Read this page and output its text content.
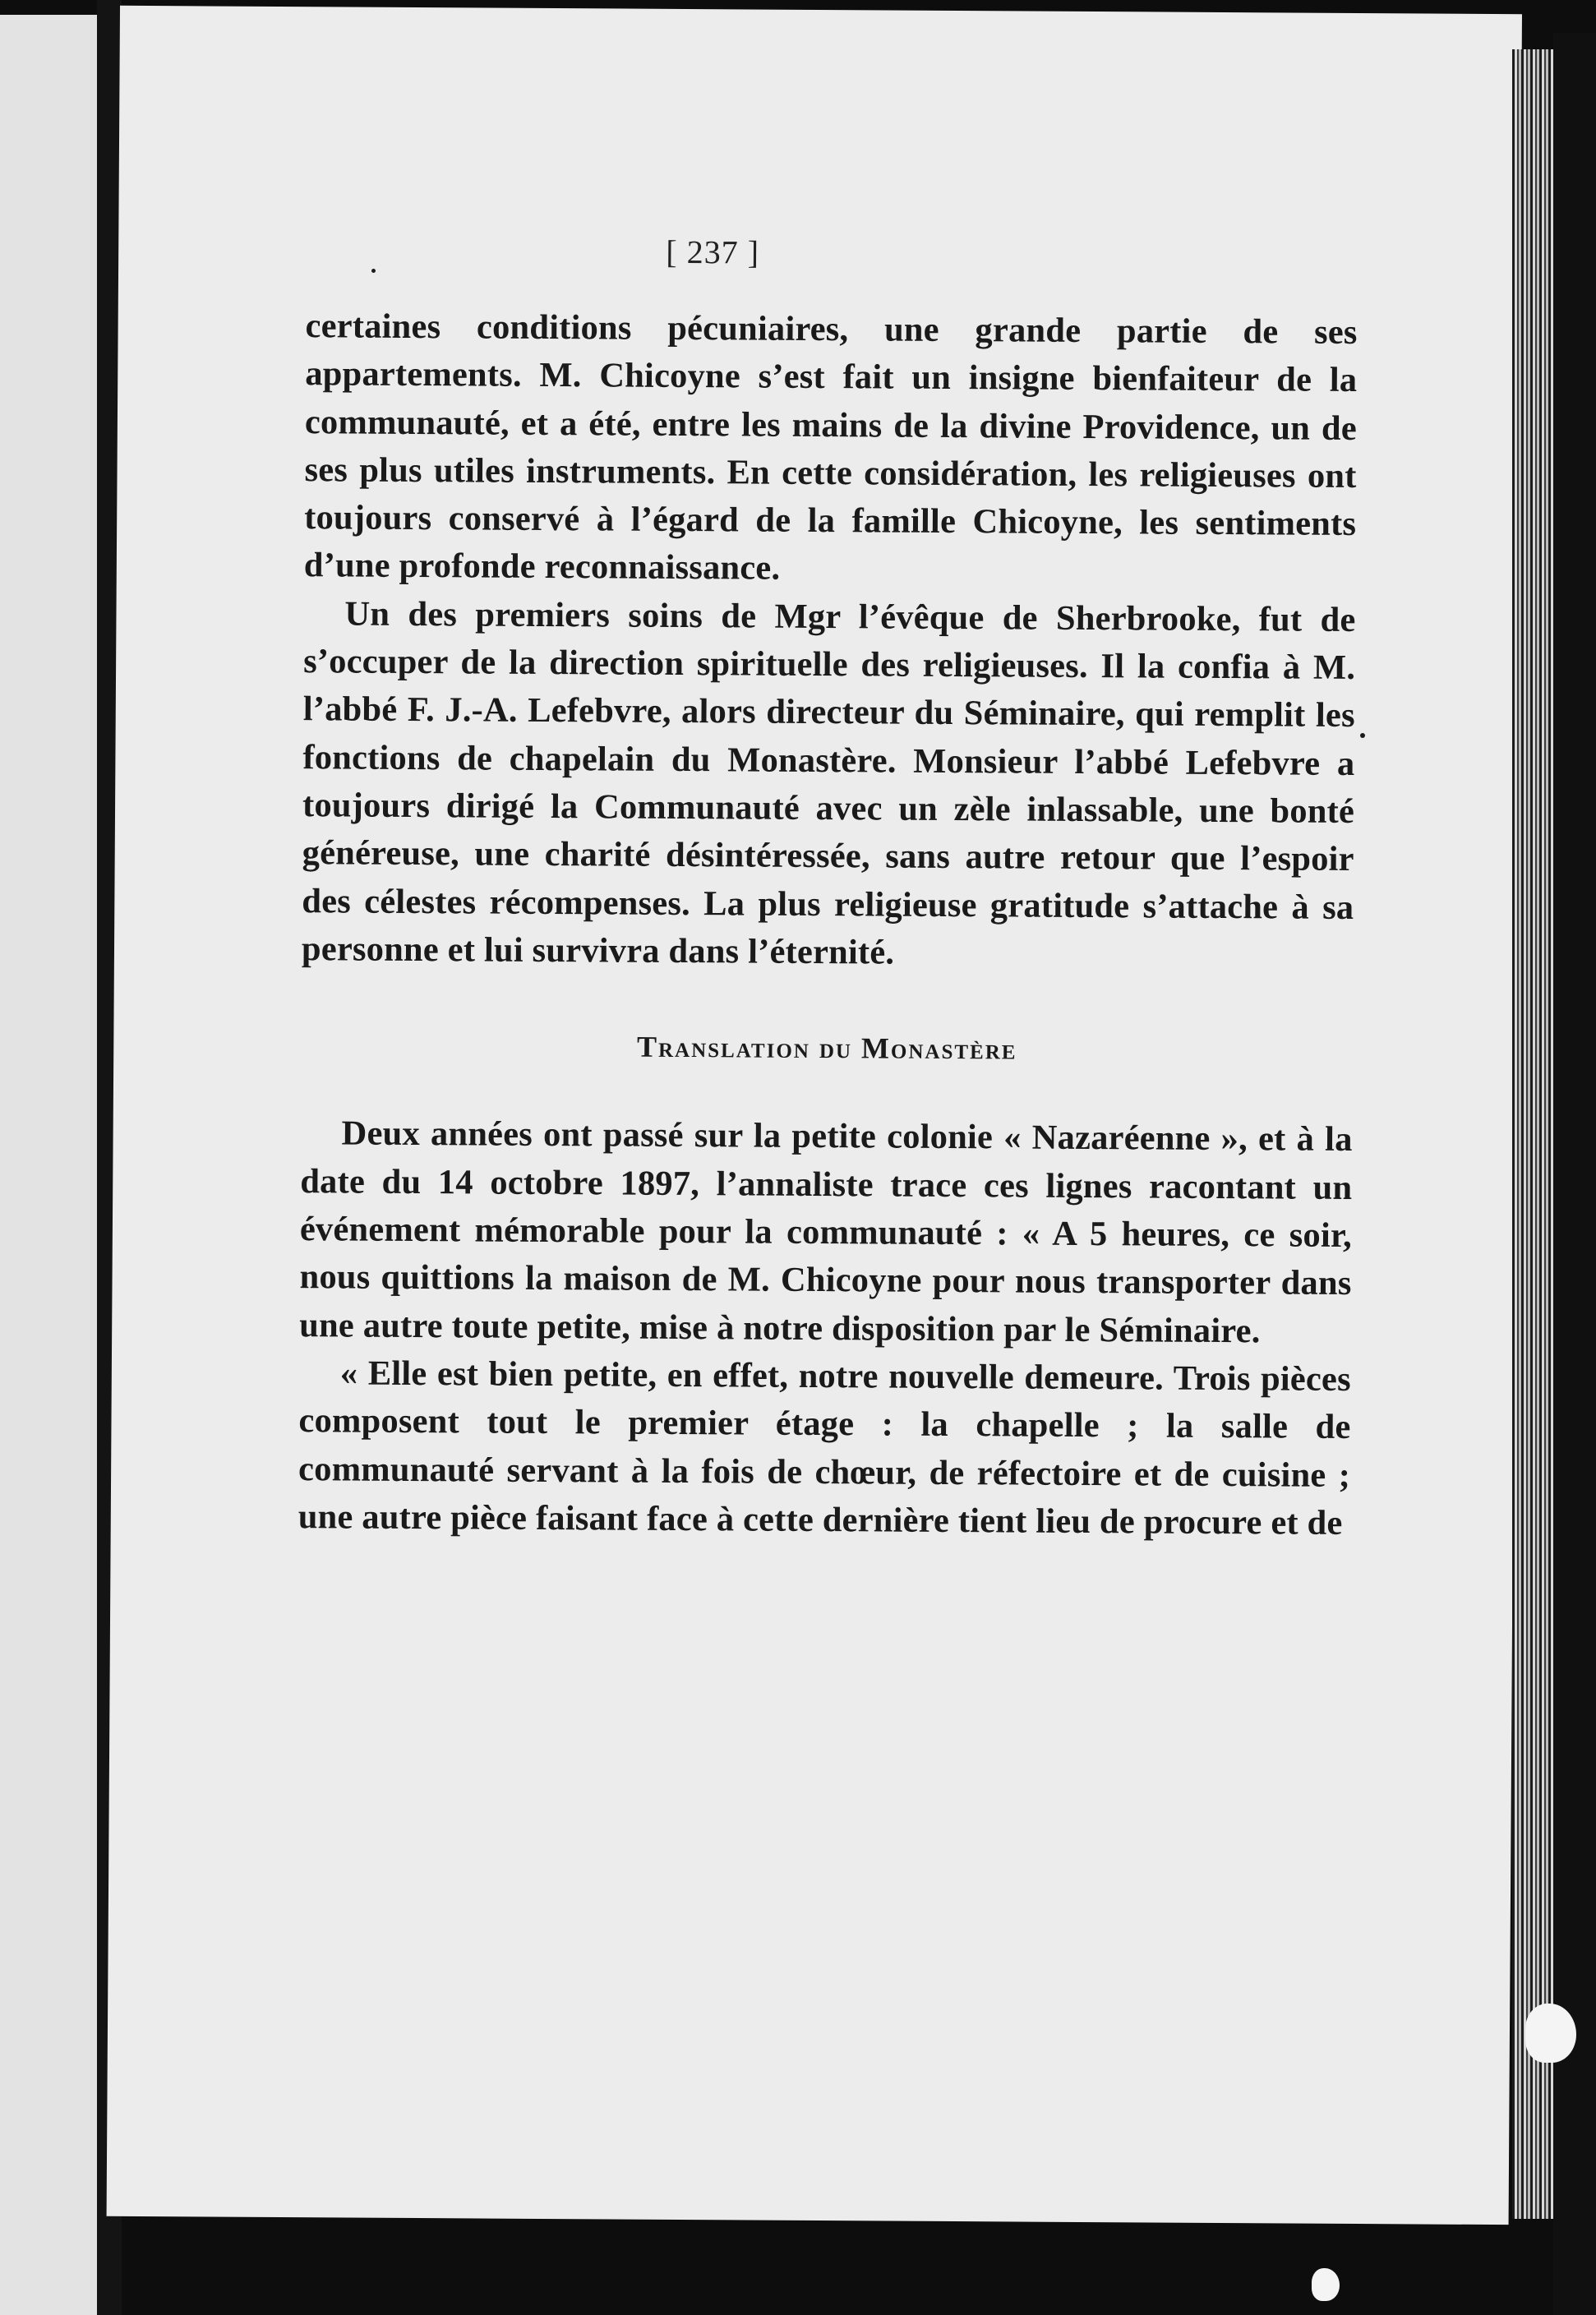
[ 237 ]

certaines conditions pécuniaires, une grande partie de ses appartements. M. Chicoyne s’est fait un insigne bienfaiteur de la communauté, et a été, entre les mains de la divine Providence, un de ses plus utiles instruments. En cette considération, les religieuses ont toujours conservé à l’égard de la famille Chicoyne, les sentiments d’une profonde reconnaissance.

Un des premiers soins de Mgr l’évêque de Sherbrooke, fut de s’occuper de la direction spirituelle des religieuses. Il la confia à M. l’abbé F. J.-A. Lefebvre, alors directeur du Séminaire, qui remplit les fonctions de chapelain du Monastère. Monsieur l’abbé Lefebvre a toujours dirigé la Communauté avec un zèle inlassable, une bonté généreuse, une charité désintéressée, sans autre retour que l’espoir des célestes récompenses. La plus religieuse gratitude s’attache à sa personne et lui survivra dans l’éternité.

Translation du Monastère

Deux années ont passé sur la petite colonie « Nazaréenne », et à la date du 14 octobre 1897, l’annaliste trace ces lignes racontant un événement mémorable pour la communauté : « A 5 heures, ce soir, nous quittions la maison de M. Chicoyne pour nous transporter dans une autre toute petite, mise à notre disposition par le Séminaire.

« Elle est bien petite, en effet, notre nouvelle demeure. Trois pièces composent tout le premier étage : la chapelle ; la salle de communauté servant à la fois de chœur, de réfectoire et de cuisine ; une autre pièce faisant face à cette dernière tient lieu de procure et de
